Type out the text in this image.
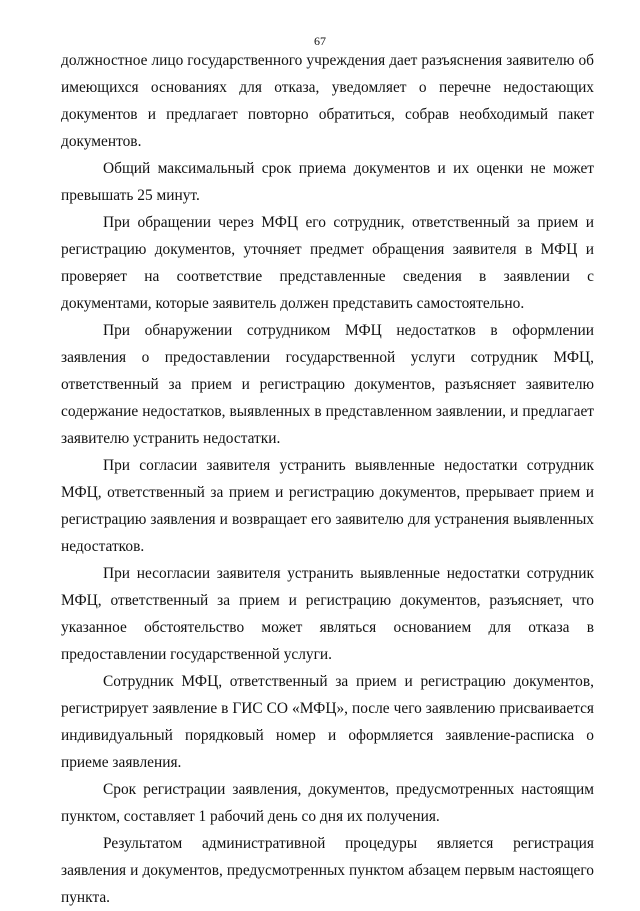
67

должностное лицо государственного учреждения дает разъяснения заявителю об имеющихся основаниях для отказа, уведомляет о перечне недостающих документов и предлагает повторно обратиться, собрав необходимый пакет документов.

Общий максимальный срок приема документов и их оценки не может превышать 25 минут.

При обращении через МФЦ его сотрудник, ответственный за прием и регистрацию документов, уточняет предмет обращения заявителя в МФЦ и проверяет на соответствие представленные сведения в заявлении с документами, которые заявитель должен представить самостоятельно.

При обнаружении сотрудником МФЦ недостатков в оформлении заявления о предоставлении государственной услуги сотрудник МФЦ, ответственный за прием и регистрацию документов, разъясняет заявителю содержание недостатков, выявленных в представленном заявлении, и предлагает заявителю устранить недостатки.

При согласии заявителя устранить выявленные недостатки сотрудник МФЦ, ответственный за прием и регистрацию документов, прерывает прием и регистрацию заявления и возвращает его заявителю для устранения выявленных недостатков.

При несогласии заявителя устранить выявленные недостатки сотрудник МФЦ, ответственный за прием и регистрацию документов, разъясняет, что указанное обстоятельство может являться основанием для отказа в предоставлении государственной услуги.

Сотрудник МФЦ, ответственный за прием и регистрацию документов, регистрирует заявление в ГИС СО «МФЦ», после чего заявлению присваивается индивидуальный порядковый номер и оформляется заявление-расписка о приеме заявления.

Срок регистрации заявления, документов, предусмотренных настоящим пунктом, составляет 1 рабочий день со дня их получения.

Результатом административной процедуры является регистрация заявления и документов, предусмотренных пунктом абзацем первым настоящего пункта.
